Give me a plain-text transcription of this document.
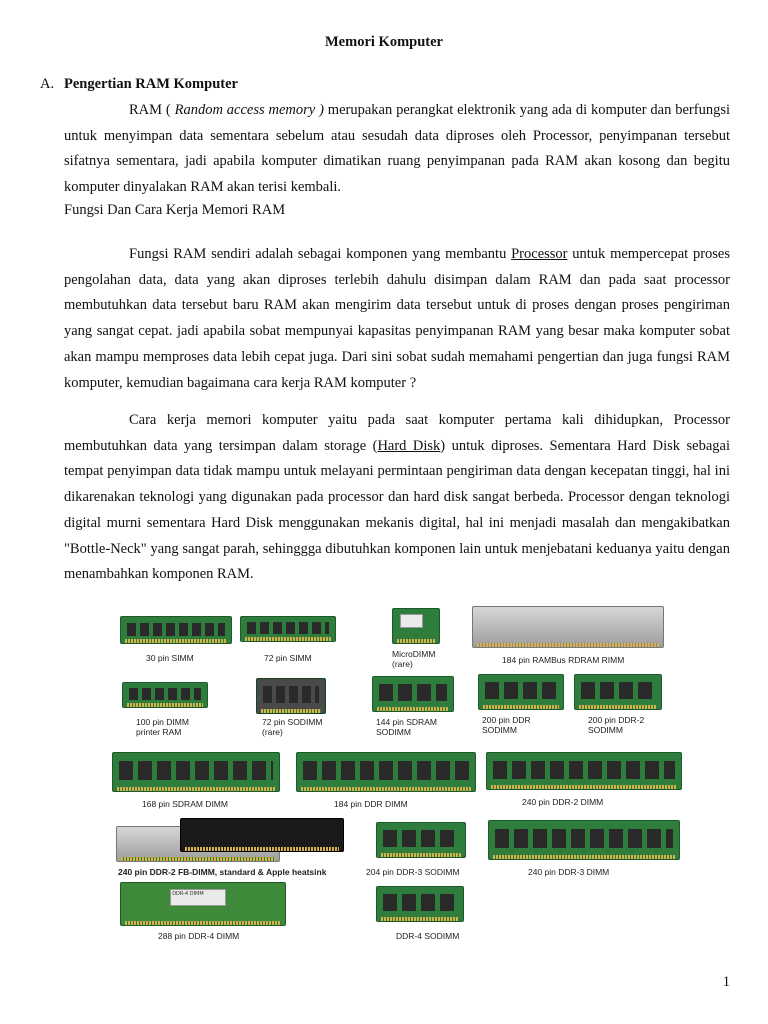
Memori Komputer
A. Pengertian RAM Komputer
RAM ( Random access memory ) merupakan perangkat elektronik yang ada di komputer dan berfungsi untuk menyimpan data sementara sebelum atau sesudah data diproses oleh Processor, penyimpanan tersebut sifatnya sementara, jadi apabila komputer dimatikan ruang penyimpanan pada RAM akan kosong dan begitu komputer dinyalakan RAM akan terisi kembali.
Fungsi Dan Cara Kerja Memori RAM
Fungsi RAM sendiri adalah sebagai komponen yang membantu Processor untuk mempercepat proses pengolahan data, data yang akan diproses terlebih dahulu disimpan dalam RAM dan pada saat processor membutuhkan data tersebut baru RAM akan mengirim data tersebut untuk di proses dengan proses pengiriman yang sangat cepat. jadi apabila sobat mempunyai kapasitas penyimpanan RAM yang besar maka komputer sobat akan mampu memproses data lebih cepat juga. Dari sini sobat sudah memahami pengertian dan juga fungsi RAM komputer, kemudian bagaimana cara kerja RAM komputer ?
Cara kerja memori komputer yaitu pada saat komputer pertama kali dihidupkan, Processor membutuhkan data yang tersimpan dalam storage (Hard Disk) untuk diproses. Sementara Hard Disk sebagai tempat penyimpan data tidak mampu untuk melayani permintaan pengiriman data dengan kecepatan tinggi, hal ini dikarenakan teknologi yang digunakan pada processor dan hard disk sangat berbeda. Processor dengan teknologi digital murni sementara Hard Disk menggunakan mekanis digital, hal ini menjadi masalah dan mengakibatkan "Bottle-Neck" yang sangat parah, sehinggga dibutuhkan komponen lain untuk menjebatani keduanya yaitu dengan menambahkan komponen RAM.
30 pin SIMM	72 pin SIMM	MicroDIMM
(rare)	184 pin RAMBus RDRAM RIMM
100 pin DIMM
printer RAM
72 pin SODIMM
(rare)
144 pin SDRAM
SODIMM
200 pin DDR
SODIMM
200 pin DDR-2
SODIMM
168 pin SDRAM DIMM	184 pin DDR DIMM	240 pin DDR-2 DIMM
240 pin DDR-2 FB-DIMM, standard & Apple heatsink	204 pin DDR-3 SODIMM	240 pin DDR-3 DIMM
DDR-4 DIMM
288 pin DDR-4 DIMM	DDR-4 SODIMM
1
